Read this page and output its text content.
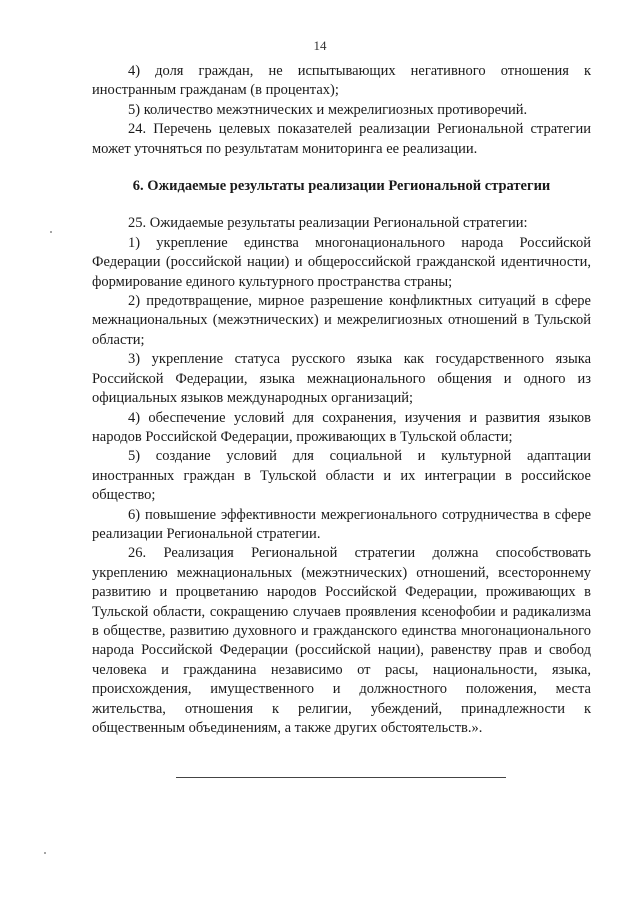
14

4) доля граждан, не испытывающих негативного отношения к иностранным гражданам (в процентах);

5) количество межэтнических и межрелигиозных противоречий.

24. Перечень целевых показателей реализации Региональной стратегии может уточняться по результатам мониторинга ее реализации.

6. Ожидаемые результаты реализации Региональной стратегии

25. Ожидаемые результаты реализации Региональной стратегии:

1) укрепление единства многонационального народа Российской Федерации (российской нации) и общероссийской гражданской идентичности, формирование единого культурного пространства страны;

2) предотвращение, мирное разрешение конфликтных ситуаций в сфере межнациональных (межэтнических) и межрелигиозных отношений в Тульской области;

3) укрепление статуса русского языка как государственного языка Российской Федерации, языка межнационального общения и одного из официальных языков международных организаций;

4) обеспечение условий для сохранения, изучения и развития языков народов Российской Федерации, проживающих в Тульской области;

5) создание условий для социальной и культурной адаптации иностранных граждан в Тульской области и их интеграции в российское общество;

6) повышение эффективности межрегионального сотрудничества в сфере реализации Региональной стратегии.

26. Реализация Региональной стратегии должна способствовать укреплению межнациональных (межэтнических) отношений, всестороннему развитию и процветанию народов Российской Федерации, проживающих в Тульской области, сокращению случаев проявления ксенофобии и радикализма в обществе, развитию духовного и гражданского единства многонационального народа Российской Федерации (российской нации), равенству прав и свобод человека и гражданина независимо от расы, национальности, языка, происхождения, имущественного и должностного положения, места жительства, отношения к религии, убеждений, принадлежности к общественным объединениям, а также других обстоятельств.».
